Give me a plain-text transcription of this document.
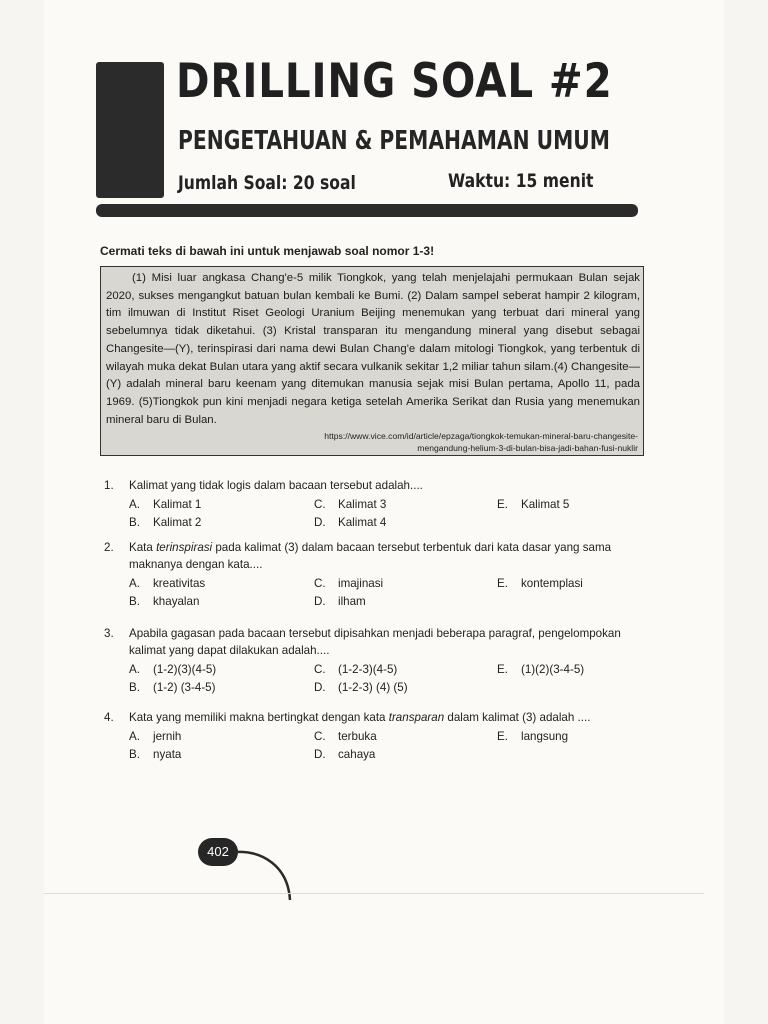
DRILLING SOAL #2
PENGETAHUAN & PEMAHAMAN UMUM
Jumlah Soal: 20 soal	Waktu: 15 menit
Cermati teks di bawah ini untuk menjawab soal nomor 1-3!
(1) Misi luar angkasa Chang'e-5 milik Tiongkok, yang telah menjelajahi permukaan Bulan sejak 2020, sukses mengangkut batuan bulan kembali ke Bumi. (2) Dalam sampel seberat hampir 2 kilogram, tim ilmuwan di Institut Riset Geologi Uranium Beijing menemukan yang terbuat dari mineral yang sebelumnya tidak diketahui. (3) Kristal transparan itu mengandung mineral yang disebut sebagai Changesite—(Y), terinspirasi dari nama dewi Bulan Chang'e dalam mitologi Tiongkok, yang terbentuk di wilayah muka dekat Bulan utara yang aktif secara vulkanik sekitar 1,2 miliar tahun silam.(4) Changesite—(Y) adalah mineral baru keenam yang ditemukan manusia sejak misi Bulan pertama, Apollo 11, pada 1969. (5)Tiongkok pun kini menjadi negara ketiga setelah Amerika Serikat dan Rusia yang menemukan mineral baru di Bulan.
https://www.vice.com/id/article/epzaga/tiongkok-temukan-mineral-baru-changesite-mengandung-helium-3-di-bulan-bisa-jadi-bahan-fusi-nuklir
1. Kalimat yang tidak logis dalam bacaan tersebut adalah....
A. Kalimat 1
B. Kalimat 2
C. Kalimat 3
D. Kalimat 4
E. Kalimat 5
2. Kata terinspirasi pada kalimat (3) dalam bacaan tersebut terbentuk dari kata dasar yang sama maknanya dengan kata....
A. kreativitas
B. khayalan
C. imajinasi
D. ilham
E. kontemplasi
3. Apabila gagasan pada bacaan tersebut dipisahkan menjadi beberapa paragraf, pengelompokan kalimat yang dapat dilakukan adalah....
A. (1-2)(3)(4-5)
B. (1-2) (3-4-5)
C. (1-2-3)(4-5)
D. (1-2-3) (4) (5)
E. (1)(2)(3-4-5)
4. Kata yang memiliki makna bertingkat dengan kata transparan dalam kalimat (3) adalah ....
A. jernih
B. nyata
C. terbuka
D. cahaya
E. langsung
402
